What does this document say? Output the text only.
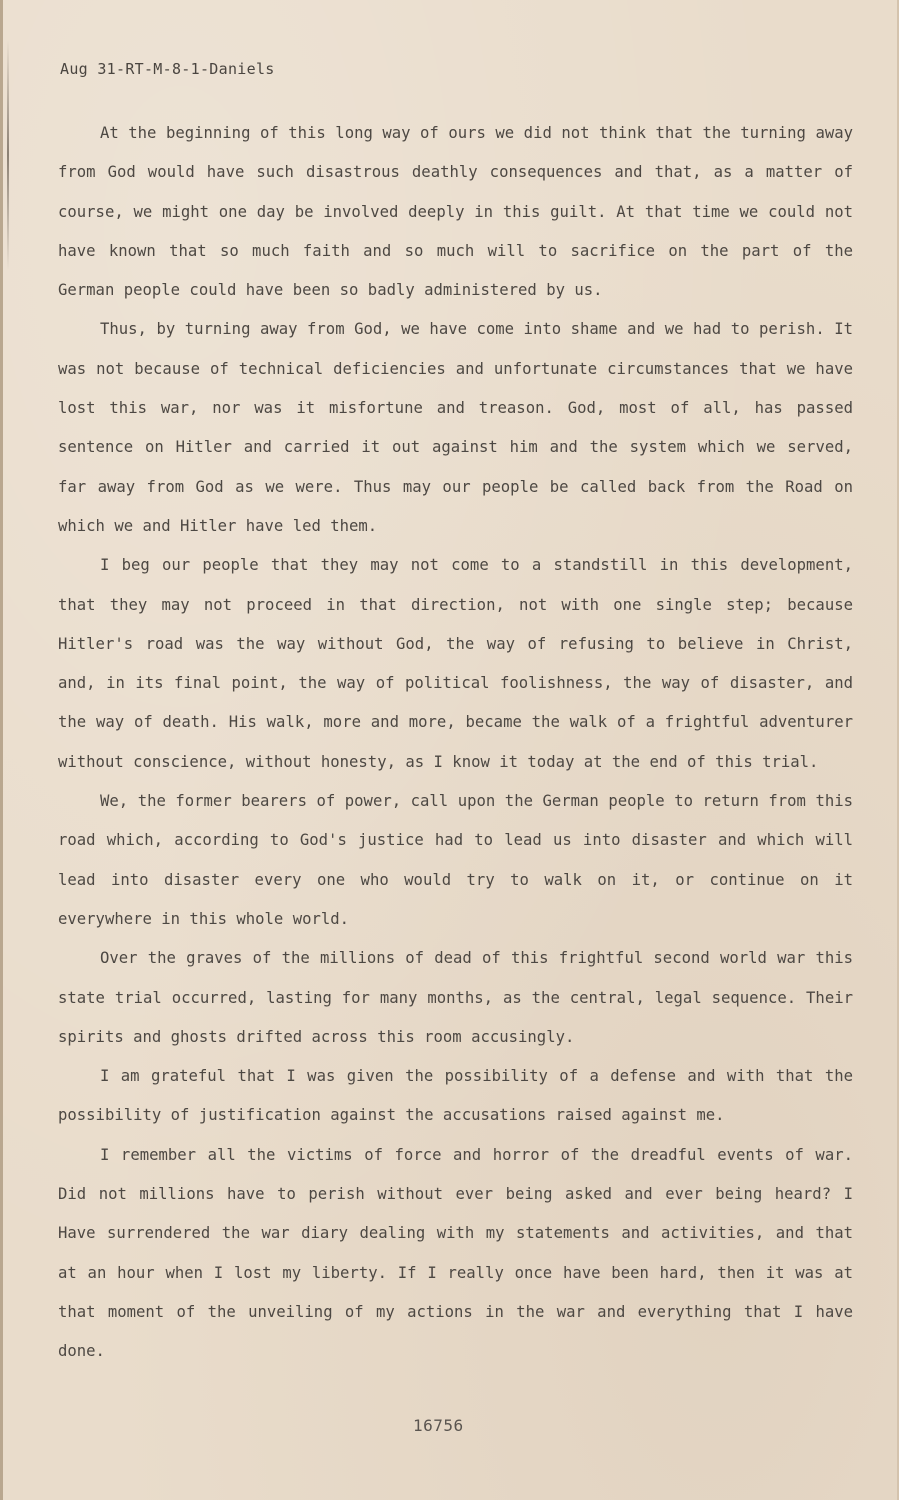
Aug 31-RT-M-8-1-Daniels

At the beginning of this long way of ours we did not think that the turning away from God would have such disastrous deathly consequences and that, as a matter of course, we might one day be involved deeply in this guilt. At that time we could not have known that so much faith and so much will to sacrifice on the part of the German people could have been so badly administered by us.

Thus, by turning away from God, we have come into shame and we had to perish. It was not because of technical deficiencies and unfortunate circumstances that we have lost this war, nor was it misfortune and treason. God, most of all, has passed sentence on Hitler and carried it out against him and the system which we served, far away from God as we were. Thus may our people be called back from the Road on which we and Hitler have led them.

I beg our people that they may not come to a standstill in this development, that they may not proceed in that direction, not with one single step; because Hitler's road was the way without God, the way of refusing to believe in Christ, and, in its final point, the way of political foolishness, the way of disaster, and the way of death. His walk, more and more, became the walk of a frightful adventurer without conscience, without honesty, as I know it today at the end of this trial.

We, the former bearers of power, call upon the German people to return from this road which, according to God's justice had to lead us into disaster and which will lead into disaster every one who would try to walk on it, or continue on it everywhere in this whole world.

Over the graves of the millions of dead of this frightful second world war this state trial occurred, lasting for many months, as the central, legal sequence. Their spirits and ghosts drifted across this room accusingly.

I am grateful that I was given the possibility of a defense and with that the possibility of justification against the accusations raised against me.

I remember all the victims of force and horror of the dreadful events of war. Did not millions have to perish without ever being asked and ever being heard? I Have surrendered the war diary dealing with my statements and activities, and that at an hour when I lost my liberty. If I really once have been hard, then it was at that moment of the unveiling of my actions in the war and everything that I have done.

16756
